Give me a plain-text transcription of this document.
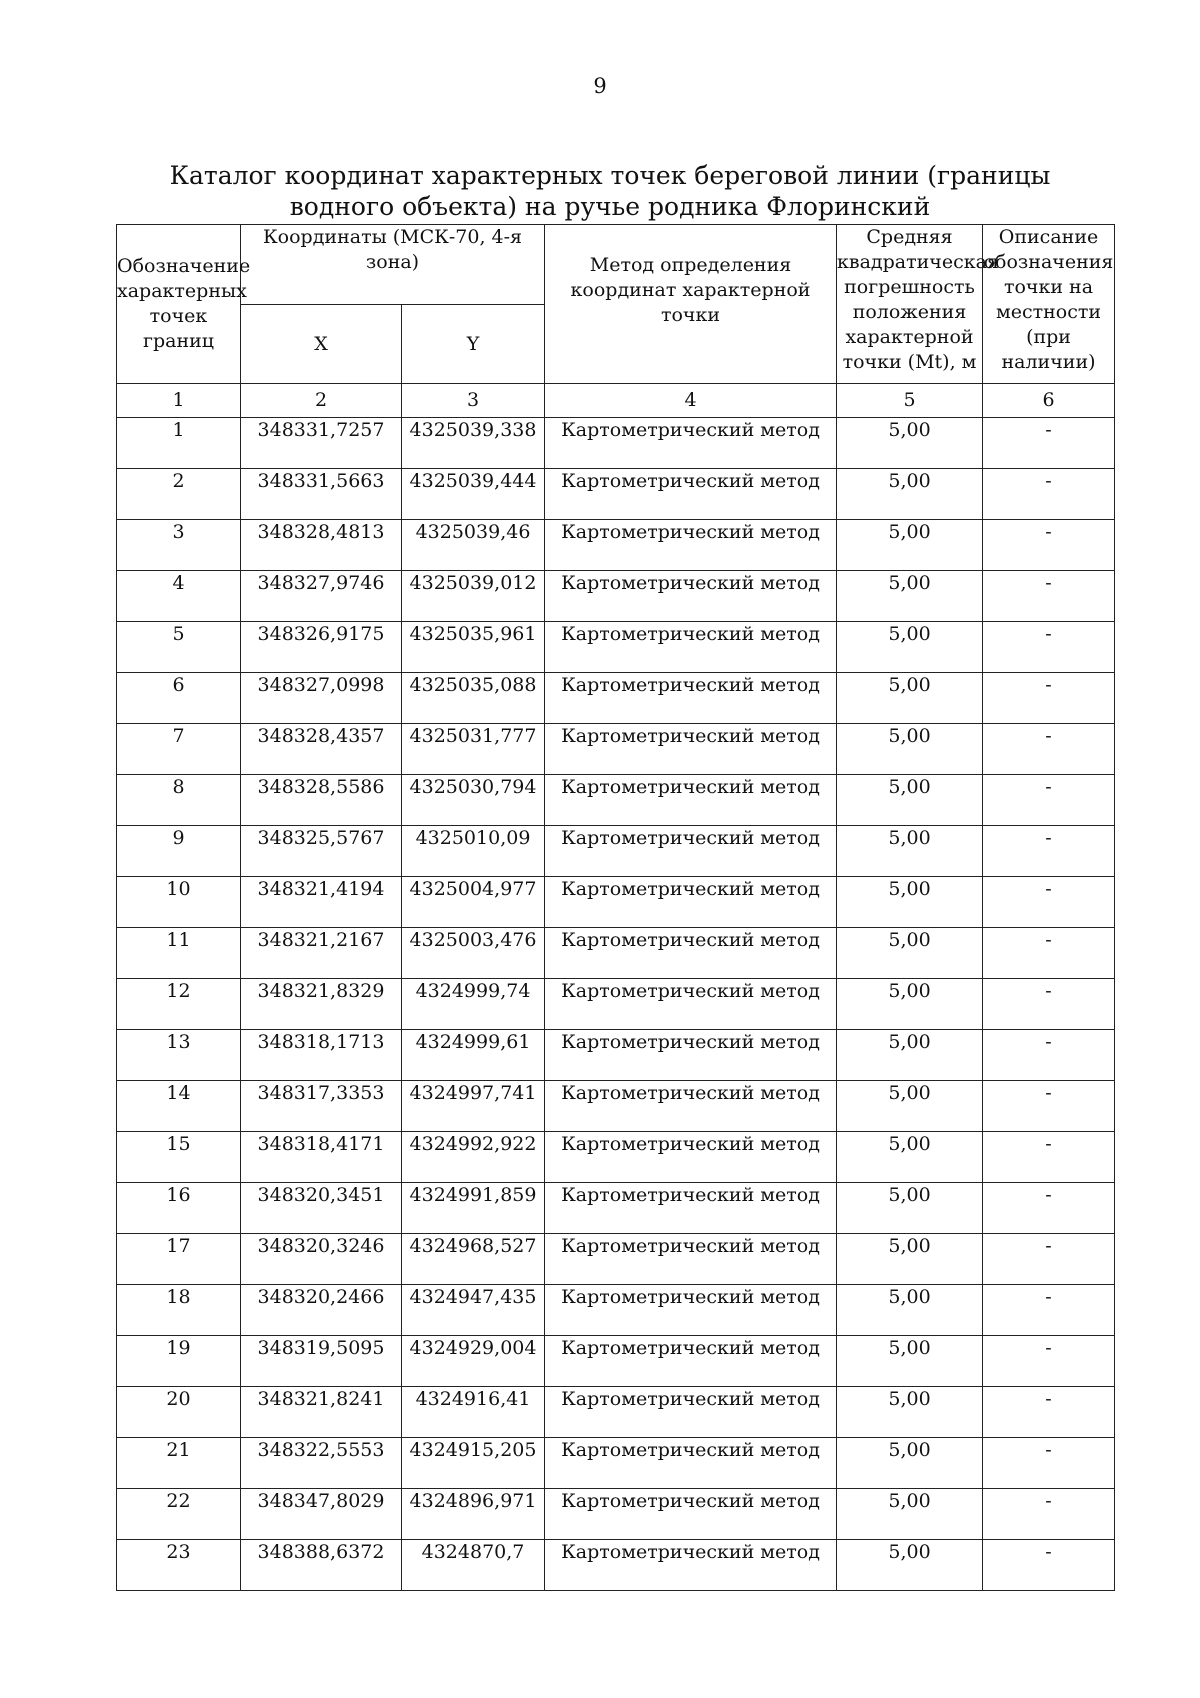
9
Каталог координат характерных точек береговой линии (границы водного объекта) на ручье родника Флоринский
Обозначение характерных точек границ	Координаты (МСК-70, 4-я зона)		Метод определения координат характерной точки	Средняя квадратическая погрешность положения характерной точки (Mt), м	Описание обозначения точки на местности (при наличии)
	X	Y			
1	2	3	4	5	6
1	348331,7257	4325039,338	Картометрический метод	5,00	-
2	348331,5663	4325039,444	Картометрический метод	5,00	-
3	348328,4813	4325039,46	Картометрический метод	5,00	-
4	348327,9746	4325039,012	Картометрический метод	5,00	-
5	348326,9175	4325035,961	Картометрический метод	5,00	-
6	348327,0998	4325035,088	Картометрический метод	5,00	-
7	348328,4357	4325031,777	Картометрический метод	5,00	-
8	348328,5586	4325030,794	Картометрический метод	5,00	-
9	348325,5767	4325010,09	Картометрический метод	5,00	-
10	348321,4194	4325004,977	Картометрический метод	5,00	-
11	348321,2167	4325003,476	Картометрический метод	5,00	-
12	348321,8329	4324999,74	Картометрический метод	5,00	-
13	348318,1713	4324999,61	Картометрический метод	5,00	-
14	348317,3353	4324997,741	Картометрический метод	5,00	-
15	348318,4171	4324992,922	Картометрический метод	5,00	-
16	348320,3451	4324991,859	Картометрический метод	5,00	-
17	348320,3246	4324968,527	Картометрический метод	5,00	-
18	348320,2466	4324947,435	Картометрический метод	5,00	-
19	348319,5095	4324929,004	Картометрический метод	5,00	-
20	348321,8241	4324916,41	Картометрический метод	5,00	-
21	348322,5553	4324915,205	Картометрический метод	5,00	-
22	348347,8029	4324896,971	Картометрический метод	5,00	-
23	348388,6372	4324870,7	Картометрический метод	5,00	-
